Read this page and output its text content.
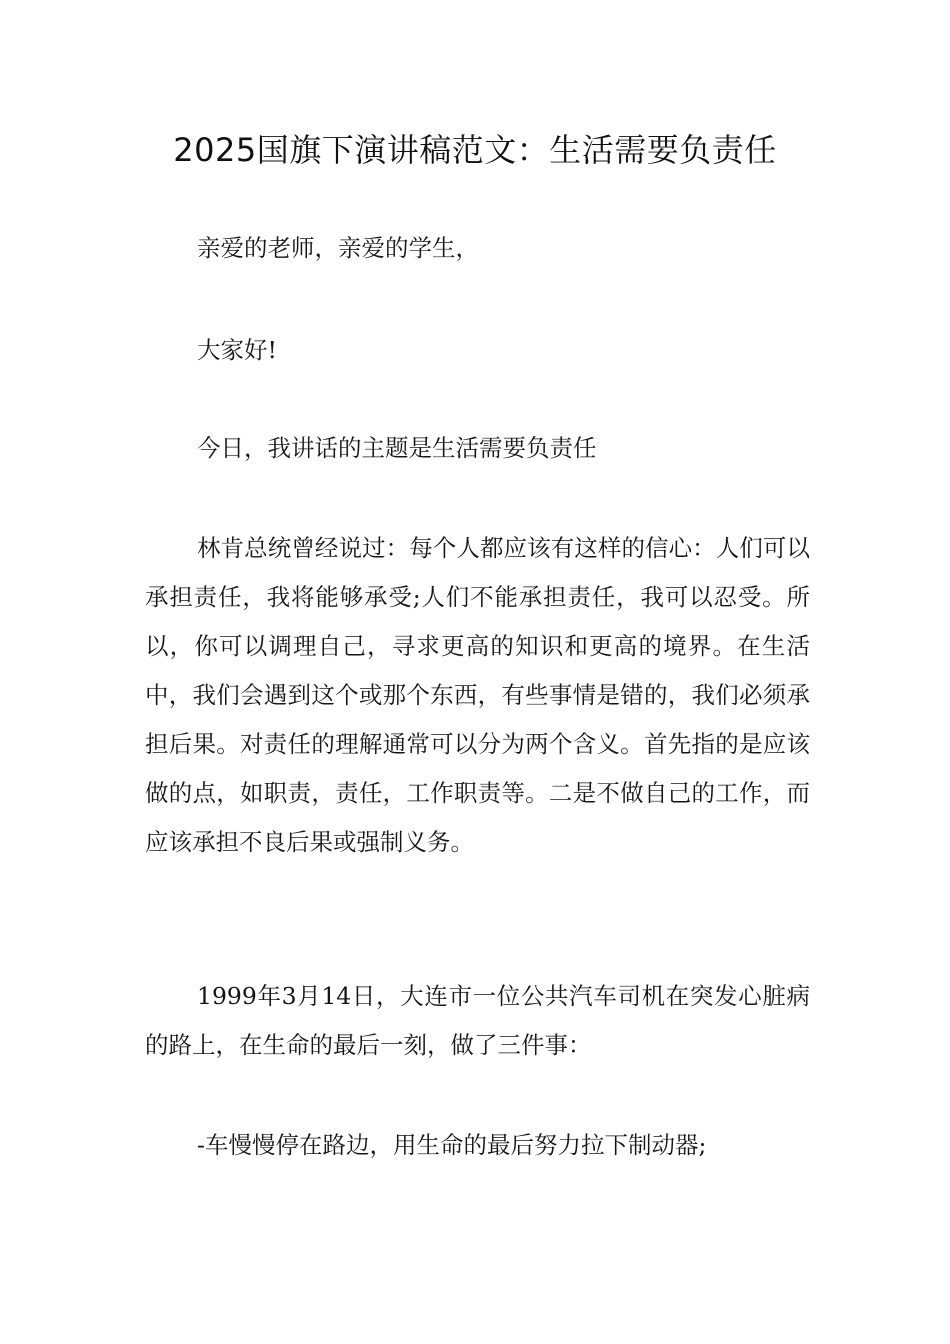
2025国旗下演讲稿范文：生活需要负责任

亲爱的老师，亲爱的学生，

大家好!

今日，我讲话的主题是生活需要负责任

林肯总统曾经说过：每个人都应该有这样的信心：人们可以承担责任，我将能够承受;人们不能承担责任，我可以忍受。所以，你可以调理自己，寻求更高的知识和更高的境界。在生活中，我们会遇到这个或那个东西，有些事情是错的，我们必须承担后果。对责任的理解通常可以分为两个含义。首先指的是应该做的点，如职责，责任，工作职责等。二是不做自己的工作，而应该承担不良后果或强制义务。

1999年3月14日，大连市一位公共汽车司机在突发心脏病的路上，在生命的最后一刻，做了三件事：

-车慢慢停在路边，用生命的最后努力拉下制动器;
